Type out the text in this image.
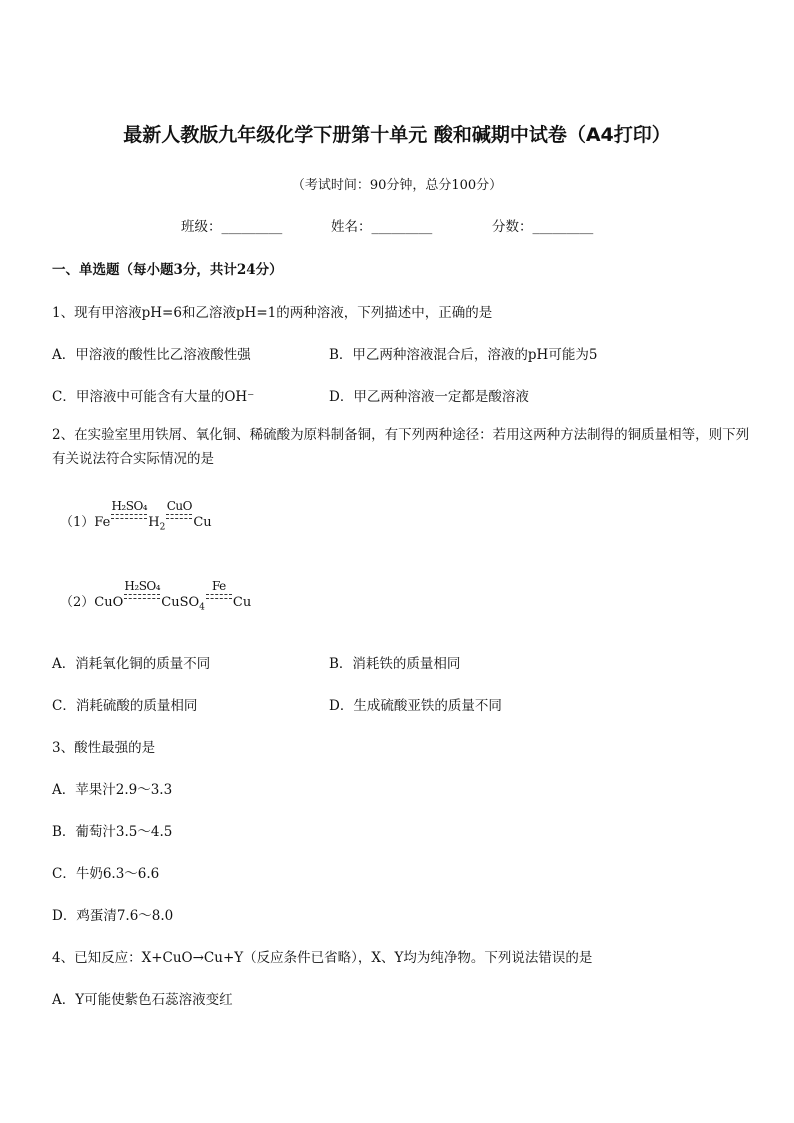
最新人教版九年级化学下册第十单元 酸和碱期中试卷（A4打印）
（考试时间：90分钟，总分100分）
班级：_________	姓名：_________	分数：_________
一、单选题（每小题3分，共计24分）
1、现有甲溶液pH=6和乙溶液pH=1的两种溶液，下列描述中，正确的是
A．甲溶液的酸性比乙溶液酸性强	B．甲乙两种溶液混合后，溶液的pH可能为5
C．甲溶液中可能含有大量的OH⁻	D．甲乙两种溶液一定都是酸溶液
2、在实验室里用铁屑、氧化铜、稀硫酸为原料制备铜，有下列两种途径：若用这两种方法制得的铜质量相等，则下列有关说法符合实际情况的是
（1）Fe
H₂SO₄
$H_2$
CuO
Cu
（2）CuO
H₂SO₄
CuSO$_4$
Fe
Cu
A．消耗氧化铜的质量不同	B．消耗铁的质量相同
C．消耗硫酸的质量相同	D．生成硫酸亚铁的质量不同
3、酸性最强的是
A．苹果汁2.9～3.3
B．葡萄汁3.5～4.5
C．牛奶6.3～6.6
D．鸡蛋清7.6～8.0
4、已知反应：X+CuO→Cu+Y（反应条件已省略），X、Y均为纯净物。下列说法错误的是
A．Y可能使紫色石蕊溶液变红
